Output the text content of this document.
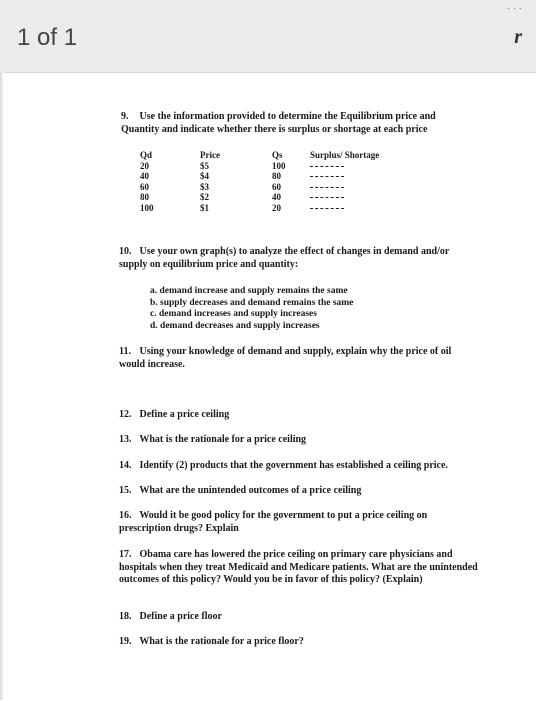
1 of 1
· · ·
r

9. Use the information provided to determine the Equilibrium price and Quantity and indicate whether there is surplus or shortage at each price

Qd	Price	Qs	Surplus/ Shortage
20	$5	100	
40	$4	80	
60	$3	60	
80	$2	40	
100	$1	20	

10. Use your own graph(s) to analyze the effect of changes in demand and/or supply on equilibrium price and quantity:

a. demand increase and supply remains the same
b. supply decreases and demand remains the same
c. demand increases and supply increases
d. demand decreases and supply increases

11. Using your knowledge of demand and supply, explain why the price of oil would increase.

12. Define a price ceiling

13. What is the rationale for a price ceiling

14. Identify (2) products that the government has established a ceiling price.

15. What are the unintended outcomes of a price ceiling

16. Would it be good policy for the government to put a price ceiling on prescription drugs? Explain

17. Obama care has lowered the price ceiling on primary care physicians and hospitals when they treat Medicaid and Medicare patients. What are the unintended outcomes of this policy? Would you be in favor of this policy? (Explain)

18. Define a price floor

19. What is the rationale for a price floor?
